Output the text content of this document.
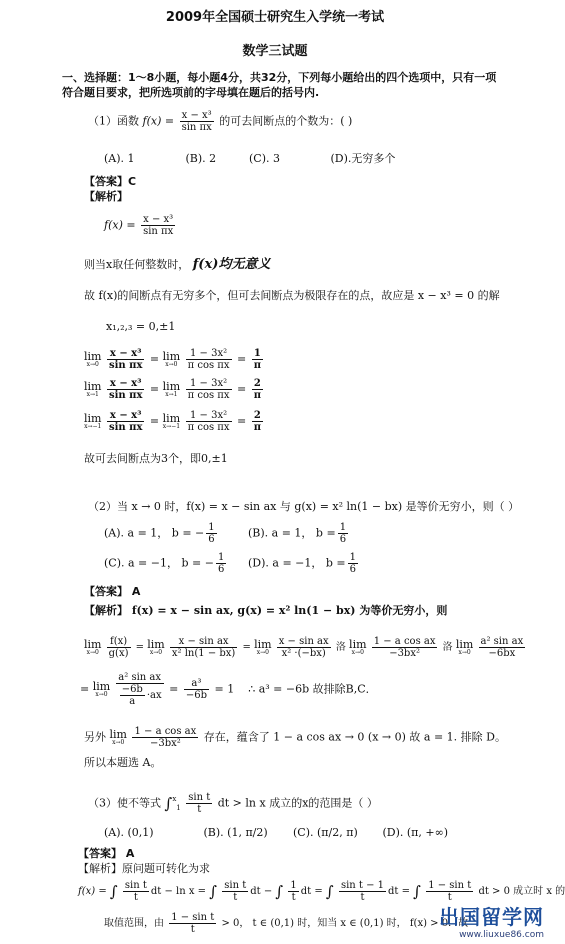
2009年全国硕士研究生入学统一考试
数学三试题
一、选择题：1～8小题，每小题4分，共32分，下列每小题给出的四个选项中，只有一项
符合题目要求，把所选项前的字母填在题后的括号内.
（1）函数 $f(x) = \frac{\text{x − x³}}{\text{sin πx}}$ 的可去间断点的个数为：( )
(A). 1	(B). 2	(C). 3	(D).无穷多个
【答案】C
【解析】
$f(x) = \frac{\text{x − x³}}{\text{sin πx}}$
则当x取任何整数时， f(x)均无意义
故 f(x)的间断点有无穷多个，但可去间断点为极限存在的点，故应是 x − x³ = 0 的解
x₁,₂,₃ = 0,±1
lim
x→0
$\frac{\text{x − x³}}{\text{sin πx}} = \lim$
x→0
$\frac{\text{1 − 3x²}}{\text{π cos πx}} = \frac{1}{\pi}$
lim
x→1
$\frac{\text{x − x³}}{\text{sin πx}} = \lim$
x→1
$\frac{\text{1 − 3x²}}{\text{π cos πx}} = \frac{2}{\pi}$
lim
x→−1
$\frac{\text{x − x³}}{\text{sin πx}} = \lim$
x→−1
$\frac{\text{1 − 3x²}}{\text{π cos πx}} = \frac{2}{\pi}$
故可去间断点为3个，即0,±1
（2）当 x → 0 时，f(x) = x − sin ax 与 g(x) = x² ln(1 − bx) 是等价无穷小，则（ ）
(A). a = 1， b = − $\frac{1}{6}$	(B). a = 1， $b = \frac{1}{6}$
(C). a = −1， b = − $\frac{1}{6} (D)$. a = −1， $b = \frac{1}{6}$
【答案】 A
【解析】 f(x) = x − sin ax, g(x) = x² ln(1 − bx) 为等价无穷小，则
lim
x→0
$\frac{f(x)}{g(x)} = \lim$
x→0
$\frac{\text{x − sin ax}}{\text{x² ln(1 − bx)}} = \lim$
x→0
$\frac{\text{x − sin ax}}{\text{x² ·(−bx)}}$ 洛 lim
x→0
$\frac{\text{1 − a cos ax}}{\text{−3bx²}}$ 洛 lim
x→0
$\frac{\text{a² sin ax}}{-6bx}$
= lim
x→0
$\frac{\text{a² sin ax}}{\frac{-6b}{a} \cdot ax} = \frac{\text{a³}}{-6b} = 1$ ∴ a³ = −6b 故排除B,C．
另外 lim
x→0
$\frac{\text{1 − a cos ax}}{\text{−3bx²}}$ 存在，蕴含了 1 − a cos ax → 0 (x → 0) 故 a = 1. 排除 D。
所以本题选 A。
（3）使不等式 $\int^x1 \frac{\text{sin t}}{t}$ dt > ln x 成立的x的范围是（ ）
(A). (0,1)	(B). (1, π/2) (C). (π/2, π) (D). (π, +∞)
【答案】 A
【解析】原问题可转化为求
f(x) = ∫ $\frac{\text{sin t}}{t}$ dt − ln x = ∫ $\frac{\text{sin t}}{t}$ dt − ∫ $\frac{1}{t}$ dt = ∫ $\frac{\text{sin t − 1}}{t}$ dt = ∫ $\frac{\text{1 − sin t}}{t}$ dt > 0 成立时 x 的
取值范围，由 $\frac{\text{1 − sin t}}{t} > 0$， t ∈ (0,1) 时，知当 x ∈ (0,1) 时， f(x) > 0．故
出国留学网
www.liuxue86.com
